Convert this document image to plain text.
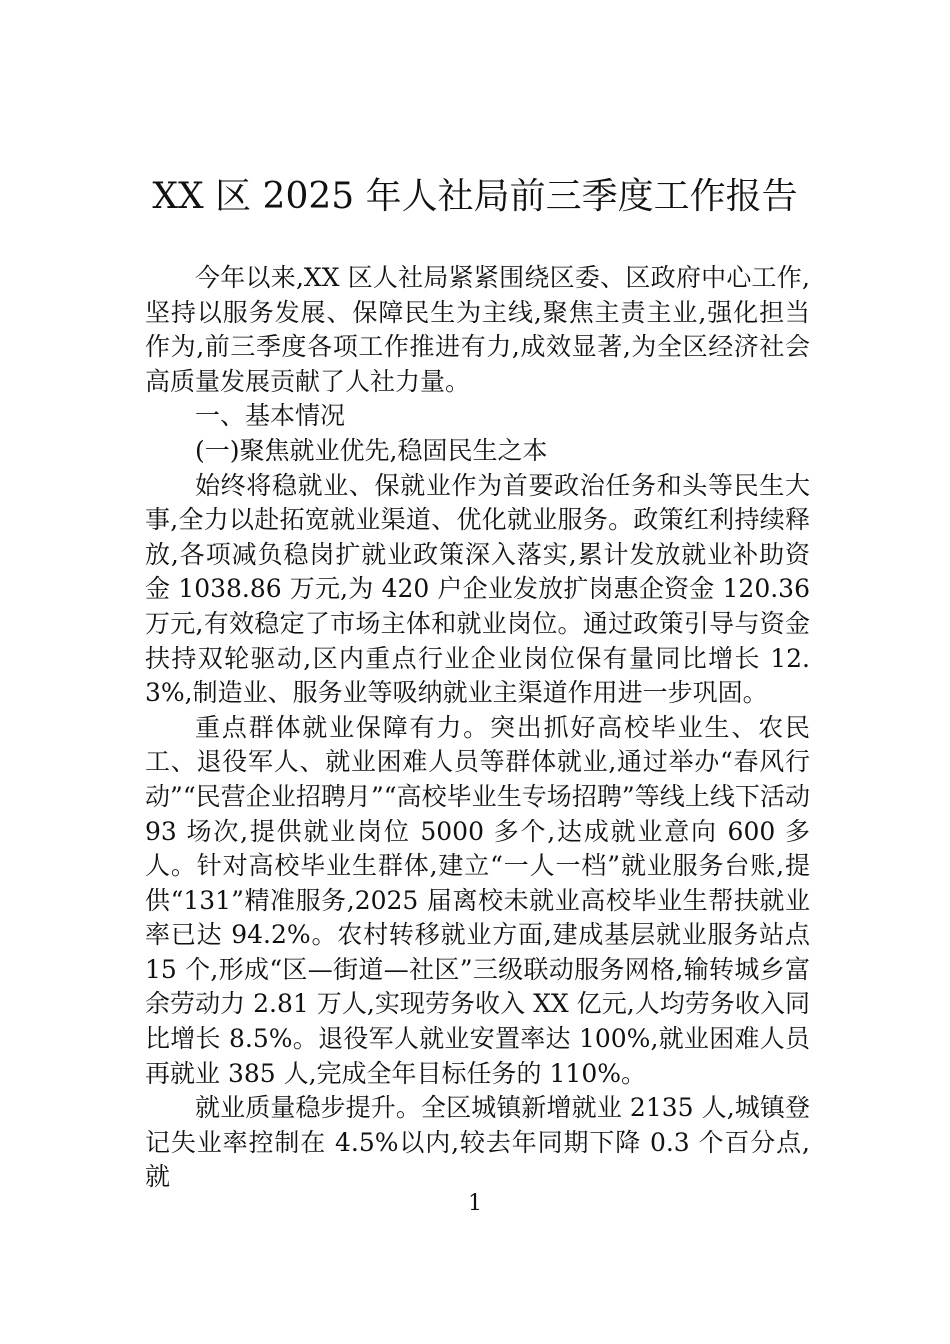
XX 区 2025 年人社局前三季度工作报告

今年以来,XX 区人社局紧紧围绕区委、区政府中心工作,坚持以服务发展、保障民生为主线,聚焦主责主业,强化担当作为,前三季度各项工作推进有力,成效显著,为全区经济社会高质量发展贡献了人社力量。

一、基本情况

(一)聚焦就业优先,稳固民生之本

始终将稳就业、保就业作为首要政治任务和头等民生大事,全力以赴拓宽就业渠道、优化就业服务。政策红利持续释放,各项减负稳岗扩就业政策深入落实,累计发放就业补助资金 1038.86 万元,为 420 户企业发放扩岗惠企资金 120.36 万元,有效稳定了市场主体和就业岗位。通过政策引导与资金扶持双轮驱动,区内重点行业企业岗位保有量同比增长 12.3%,制造业、服务业等吸纳就业主渠道作用进一步巩固。

重点群体就业保障有力。突出抓好高校毕业生、农民工、退役军人、就业困难人员等群体就业,通过举办“春风行动”“民营企业招聘月”“高校毕业生专场招聘”等线上线下活动 93 场次,提供就业岗位 5000 多个,达成就业意向 600 多人。针对高校毕业生群体,建立“一人一档”就业服务台账,提供“131”精准服务,2025 届离校未就业高校毕业生帮扶就业率已达 94.2%。农村转移就业方面,建成基层就业服务站点 15 个,形成“区—街道—社区”三级联动服务网格,输转城乡富余劳动力 2.81 万人,实现劳务收入 XX 亿元,人均劳务收入同比增长 8.5%。退役军人就业安置率达 100%,就业困难人员再就业 385 人,完成全年目标任务的 110%。

就业质量稳步提升。全区城镇新增就业 2135 人,城镇登记失业率控制在 4.5%以内,较去年同期下降 0.3 个百分点,就

1
